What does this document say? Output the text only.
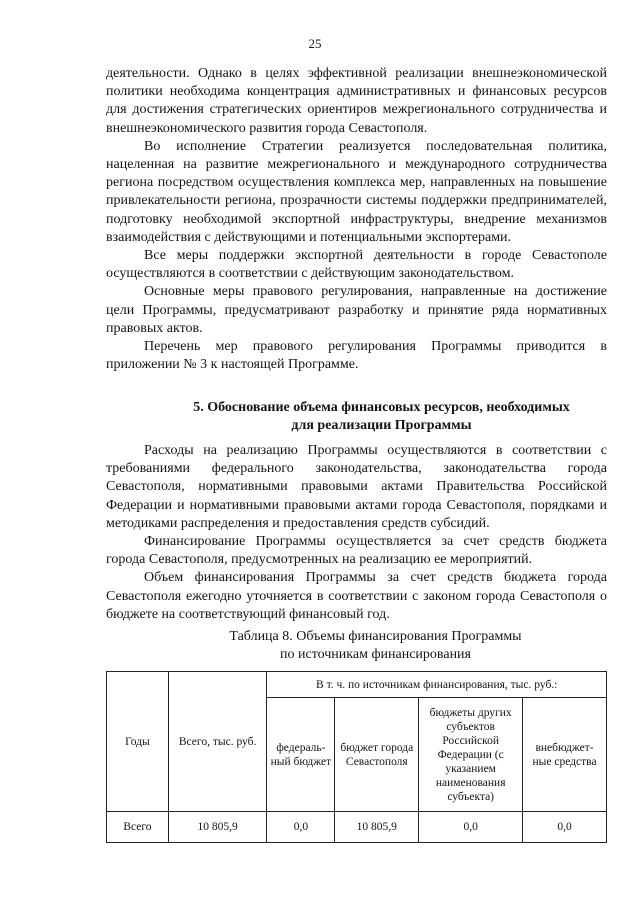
25

деятельности. Однако в целях эффективной реализации внешнеэкономической политики необходима концентрация административных и финансовых ресурсов для достижения стратегических ориентиров межрегионального сотрудничества и внешнеэкономического развития города Севастополя.

Во исполнение Стратегии реализуется последовательная политика, нацеленная на развитие межрегионального и международного сотрудничества региона посредством осуществления комплекса мер, направленных на повышение привлекательности региона, прозрачности системы поддержки предпринимателей, подготовку необходимой экспортной инфраструктуры, внедрение механизмов взаимодействия с действующими и потенциальными экспортерами.

Все меры поддержки экспортной деятельности в городе Севастополе осуществляются в соответствии с действующим законодательством.

Основные меры правового регулирования, направленные на достижение цели Программы, предусматривают разработку и принятие ряда нормативных правовых актов.

Перечень мер правового регулирования Программы приводится в приложении № 3 к настоящей Программе.

5. Обоснование объема финансовых ресурсов, необходимых
для реализации Программы

Расходы на реализацию Программы осуществляются в соответствии с требованиями федерального законодательства, законодательства города Севастополя, нормативными правовыми актами Правительства Российской Федерации и нормативными правовыми актами города Севастополя, порядками и методиками распределения и предоставления средств субсидий.

Финансирование Программы осуществляется за счет средств бюджета города Севастополя, предусмотренных на реализацию ее мероприятий.

Объем финансирования Программы за счет средств бюджета города Севастополя ежегодно уточняется в соответствии с законом города Севастополя о бюджете на соответствующий финансовый год.

Таблица 8. Объемы финансирования Программы
по источникам финансирования
Годы	Всего, тыс. руб.	В т. ч. по источникам финансирования, тыс. руб.:			
		федераль-ный бюджет	бюджет города Севастополя	бюджеты других субъектов Российской Федерации (с указанием наименования субъекта)	внебюджет-ные средства
Всего	10 805,9	0,0	10 805,9	0,0	0,0
